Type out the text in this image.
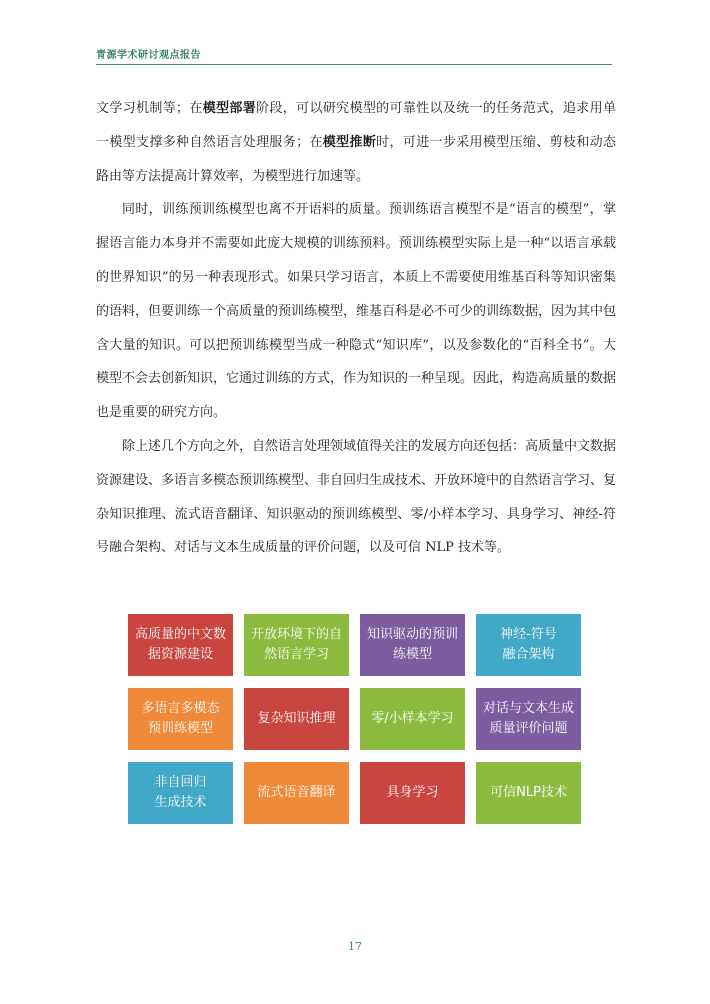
青源学术研讨观点报告

文学习机制等；在模型部署阶段，可以研究模型的可靠性以及统一的任务范式，追求用单一模型支撑多种自然语言处理服务；在模型推断时，可进一步采用模型压缩、剪枝和动态路由等方法提高计算效率，为模型进行加速等。

同时，训练预训练模型也离不开语料的质量。预训练语言模型不是“语言的模型”，掌握语言能力本身并不需要如此庞大规模的训练预料。预训练模型实际上是一种“以语言承载的世界知识”的另一种表现形式。如果只学习语言，本质上不需要使用维基百科等知识密集的语料，但要训练一个高质量的预训练模型，维基百科是必不可少的训练数据，因为其中包含大量的知识。可以把预训练模型当成一种隐式“知识库”，以及参数化的“百科全书”。大模型不会去创新知识，它通过训练的方式，作为知识的一种呈现。因此，构造高质量的数据也是重要的研究方向。

除上述几个方向之外，自然语言处理领域值得关注的发展方向还包括：高质量中文数据资源建设、多语言多模态预训练模型、非自回归生成技术、开放环境中的自然语言学习、复杂知识推理、流式语音翻译、知识驱动的预训练模型、零/小样本学习、具身学习、神经-符号融合架构、对话与文本生成质量的评价问题，以及可信 NLP 技术等。

高质量的中文数
据资源建设
开放环境下的自
然语言学习
知识驱动的预训
练模型
神经-符号
融合架构
多语言多模态
预训练模型
复杂知识推理	零/小样本学习
对话与文本生成
质量评价问题
非自回归
生成技术
流式语音翻译	具身学习	可信NLP技术
17
